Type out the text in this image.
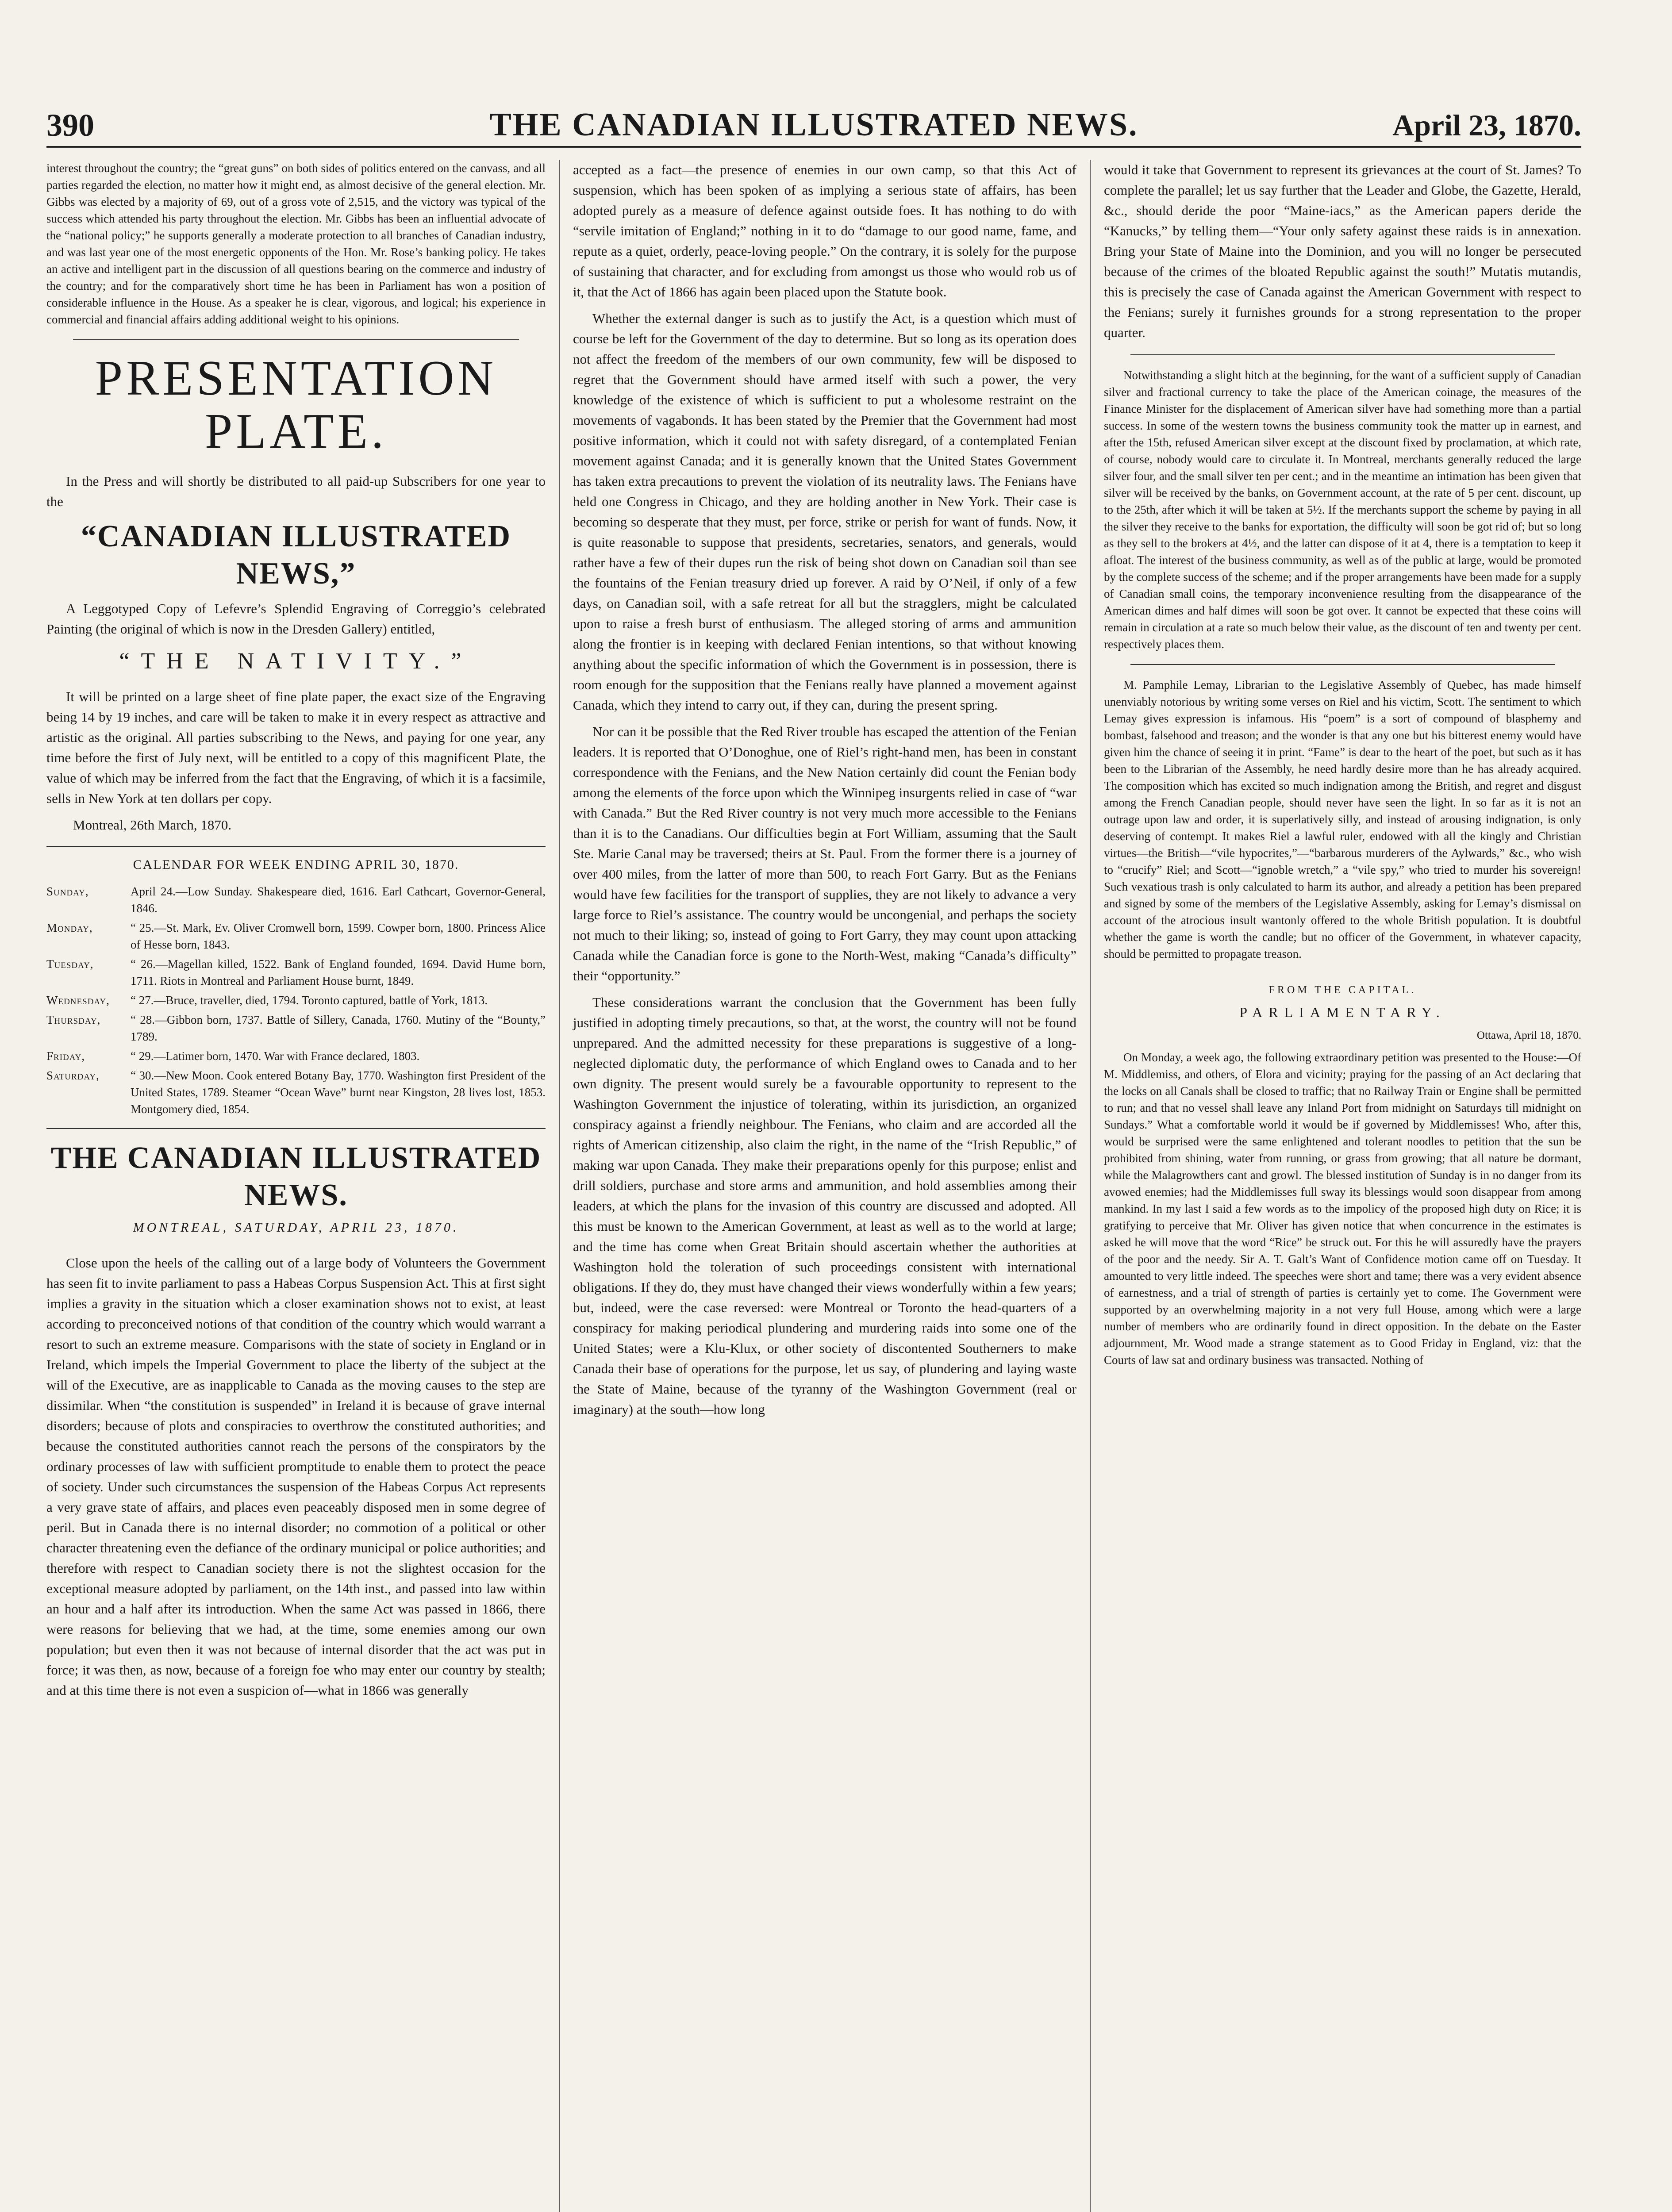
390	THE CANADIAN ILLUSTRATED NEWS.	April 23, 1870.

interest throughout the country; the “great guns” on both sides of politics entered on the canvass, and all parties regarded the election, no matter how it might end, as almost decisive of the general election. Mr. Gibbs was elected by a majority of 69, out of a gross vote of 2,515, and the victory was typical of the success which attended his party throughout the election. Mr. Gibbs has been an influential advocate of the “national policy;” he supports generally a moderate protection to all branches of Canadian industry, and was last year one of the most energetic opponents of the Hon. Mr. Rose’s banking policy. He takes an active and intelligent part in the discussion of all questions bearing on the commerce and industry of the country; and for the comparatively short time he has been in Parliament has won a position of considerable influence in the House. As a speaker he is clear, vigorous, and logical; his experience in commercial and financial affairs adding additional weight to his opinions.

PRESENTATION PLATE.

In the Press and will shortly be distributed to all paid-up Subscribers for one year to the

“CANADIAN ILLUSTRATED NEWS,”

A Leggotyped Copy of Lefevre’s Splendid Engraving of Correggio’s celebrated Painting (the original of which is now in the Dresden Gallery) entitled,

“THE NATIVITY.”

It will be printed on a large sheet of fine plate paper, the exact size of the Engraving being 14 by 19 inches, and care will be taken to make it in every respect as attractive and artistic as the original. All parties subscribing to the News, and paying for one year, any time before the first of July next, will be entitled to a copy of this magnificent Plate, the value of which may be inferred from the fact that the Engraving, of which it is a facsimile, sells in New York at ten dollars per copy.

Montreal, 26th March, 1870.

CALENDAR FOR WEEK ENDING APRIL 30, 1870.
Sunday,	April 24.—Low Sunday. Shakespeare died, 1616. Earl Cathcart, Governor-General, 1846.
Monday,	“ 25.—St. Mark, Ev. Oliver Cromwell born, 1599. Cowper born, 1800. Princess Alice of Hesse born, 1843.
Tuesday,	“ 26.—Magellan killed, 1522. Bank of England founded, 1694. David Hume born, 1711. Riots in Montreal and Parliament House burnt, 1849.
Wednesday,	“ 27.—Bruce, traveller, died, 1794. Toronto captured, battle of York, 1813.
Thursday,	“ 28.—Gibbon born, 1737. Battle of Sillery, Canada, 1760. Mutiny of the “Bounty,” 1789.
Friday,	“ 29.—Latimer born, 1470. War with France declared, 1803.
Saturday,	“ 30.—New Moon. Cook entered Botany Bay, 1770. Washington first President of the United States, 1789. Steamer “Ocean Wave” burnt near Kingston, 28 lives lost, 1853. Montgomery died, 1854.
THE CANADIAN ILLUSTRATED NEWS.
MONTREAL, SATURDAY, APRIL 23, 1870.

Close upon the heels of the calling out of a large body of Volunteers the Government has seen fit to invite parliament to pass a Habeas Corpus Suspension Act. This at first sight implies a gravity in the situation which a closer examination shows not to exist, at least according to preconceived notions of that condition of the country which would warrant a resort to such an extreme measure. Comparisons with the state of society in England or in Ireland, which impels the Imperial Government to place the liberty of the subject at the will of the Executive, are as inapplicable to Canada as the moving causes to the step are dissimilar. When “the constitution is suspended” in Ireland it is because of grave internal disorders; because of plots and conspiracies to overthrow the constituted authorities; and because the constituted authorities cannot reach the persons of the conspirators by the ordinary processes of law with sufficient promptitude to enable them to protect the peace of society. Under such circumstances the suspension of the Habeas Corpus Act represents a very grave state of affairs, and places even peaceably disposed men in some degree of peril. But in Canada there is no internal disorder; no commotion of a political or other character threatening even the defiance of the ordinary municipal or police authorities; and therefore with respect to Canadian society there is not the slightest occasion for the exceptional measure adopted by parliament, on the 14th inst., and passed into law within an hour and a half after its introduction. When the same Act was passed in 1866, there were reasons for believing that we had, at the time, some enemies among our own population; but even then it was not because of internal disorder that the act was put in force; it was then, as now, because of a foreign foe who may enter our country by stealth; and at this time there is not even a suspicion of—what in 1866 was generally

accepted as a fact—the presence of enemies in our own camp, so that this Act of suspension, which has been spoken of as implying a serious state of affairs, has been adopted purely as a measure of defence against outside foes. It has nothing to do with “servile imitation of England;” nothing in it to do “damage to our good name, fame, and repute as a quiet, orderly, peace-loving people.” On the contrary, it is solely for the purpose of sustaining that character, and for excluding from amongst us those who would rob us of it, that the Act of 1866 has again been placed upon the Statute book.

Whether the external danger is such as to justify the Act, is a question which must of course be left for the Government of the day to determine. But so long as its operation does not affect the freedom of the members of our own community, few will be disposed to regret that the Government should have armed itself with such a power, the very knowledge of the existence of which is sufficient to put a wholesome restraint on the movements of vagabonds. It has been stated by the Premier that the Government had most positive information, which it could not with safety disregard, of a contemplated Fenian movement against Canada; and it is generally known that the United States Government has taken extra precautions to prevent the violation of its neutrality laws. The Fenians have held one Congress in Chicago, and they are holding another in New York. Their case is becoming so desperate that they must, per force, strike or perish for want of funds. Now, it is quite reasonable to suppose that presidents, secretaries, senators, and generals, would rather have a few of their dupes run the risk of being shot down on Canadian soil than see the fountains of the Fenian treasury dried up forever. A raid by O’Neil, if only of a few days, on Canadian soil, with a safe retreat for all but the stragglers, might be calculated upon to raise a fresh burst of enthusiasm. The alleged storing of arms and ammunition along the frontier is in keeping with declared Fenian intentions, so that without knowing anything about the specific information of which the Government is in possession, there is room enough for the supposition that the Fenians really have planned a movement against Canada, which they intend to carry out, if they can, during the present spring.

Nor can it be possible that the Red River trouble has escaped the attention of the Fenian leaders. It is reported that O’Donoghue, one of Riel’s right-hand men, has been in constant correspondence with the Fenians, and the New Nation certainly did count the Fenian body among the elements of the force upon which the Winnipeg insurgents relied in case of “war with Canada.” But the Red River country is not very much more accessible to the Fenians than it is to the Canadians. Our difficulties begin at Fort William, assuming that the Sault Ste. Marie Canal may be traversed; theirs at St. Paul. From the former there is a journey of over 400 miles, from the latter of more than 500, to reach Fort Garry. But as the Fenians would have few facilities for the transport of supplies, they are not likely to advance a very large force to Riel’s assistance. The country would be uncongenial, and perhaps the society not much to their liking; so, instead of going to Fort Garry, they may count upon attacking Canada while the Canadian force is gone to the North-West, making “Canada’s difficulty” their “opportunity.”

These considerations warrant the conclusion that the Government has been fully justified in adopting timely precautions, so that, at the worst, the country will not be found unprepared. And the admitted necessity for these preparations is suggestive of a long-neglected diplomatic duty, the performance of which England owes to Canada and to her own dignity. The present would surely be a favourable opportunity to represent to the Washington Government the injustice of tolerating, within its jurisdiction, an organized conspiracy against a friendly neighbour. The Fenians, who claim and are accorded all the rights of American citizenship, also claim the right, in the name of the “Irish Republic,” of making war upon Canada. They make their preparations openly for this purpose; enlist and drill soldiers, purchase and store arms and ammunition, and hold assemblies among their leaders, at which the plans for the invasion of this country are discussed and adopted. All this must be known to the American Government, at least as well as to the world at large; and the time has come when Great Britain should ascertain whether the authorities at Washington hold the toleration of such proceedings consistent with international obligations. If they do, they must have changed their views wonderfully within a few years; but, indeed, were the case reversed: were Montreal or Toronto the head-quarters of a conspiracy for making periodical plundering and murdering raids into some one of the United States; were a Klu-Klux, or other society of discontented Southerners to make Canada their base of operations for the purpose, let us say, of plundering and laying waste the State of Maine, because of the tyranny of the Washington Government (real or imaginary) at the south—how long

would it take that Government to represent its grievances at the court of St. James? To complete the parallel; let us say further that the Leader and Globe, the Gazette, Herald, &c., should deride the poor “Maine-iacs,” as the American papers deride the “Kanucks,” by telling them—“Your only safety against these raids is in annexation. Bring your State of Maine into the Dominion, and you will no longer be persecuted because of the crimes of the bloated Republic against the south!” Mutatis mutandis, this is precisely the case of Canada against the American Government with respect to the Fenians; surely it furnishes grounds for a strong representation to the proper quarter.

Notwithstanding a slight hitch at the beginning, for the want of a sufficient supply of Canadian silver and fractional currency to take the place of the American coinage, the measures of the Finance Minister for the displacement of American silver have had something more than a partial success. In some of the western towns the business community took the matter up in earnest, and after the 15th, refused American silver except at the discount fixed by proclamation, at which rate, of course, nobody would care to circulate it. In Montreal, merchants generally reduced the large silver four, and the small silver ten per cent.; and in the meantime an intimation has been given that silver will be received by the banks, on Government account, at the rate of 5 per cent. discount, up to the 25th, after which it will be taken at 5½. If the merchants support the scheme by paying in all the silver they receive to the banks for exportation, the difficulty will soon be got rid of; but so long as they sell to the brokers at 4½, and the latter can dispose of it at 4, there is a temptation to keep it afloat. The interest of the business community, as well as of the public at large, would be promoted by the complete success of the scheme; and if the proper arrangements have been made for a supply of Canadian small coins, the temporary inconvenience resulting from the disappearance of the American dimes and half dimes will soon be got over. It cannot be expected that these coins will remain in circulation at a rate so much below their value, as the discount of ten and twenty per cent. respectively places them.

M. Pamphile Lemay, Librarian to the Legislative Assembly of Quebec, has made himself unenviably notorious by writing some verses on Riel and his victim, Scott. The sentiment to which Lemay gives expression is infamous. His “poem” is a sort of compound of blasphemy and bombast, falsehood and treason; and the wonder is that any one but his bitterest enemy would have given him the chance of seeing it in print. “Fame” is dear to the heart of the poet, but such as it has been to the Librarian of the Assembly, he need hardly desire more than he has already acquired. The composition which has excited so much indignation among the British, and regret and disgust among the French Canadian people, should never have seen the light. In so far as it is not an outrage upon law and order, it is superlatively silly, and instead of arousing indignation, is only deserving of contempt. It makes Riel a lawful ruler, endowed with all the kingly and Christian virtues—the British—“vile hypocrites,”—“barbarous murderers of the Aylwards,” &c., who wish to “crucify” Riel; and Scott—“ignoble wretch,” a “vile spy,” who tried to murder his sovereign! Such vexatious trash is only calculated to harm its author, and already a petition has been prepared and signed by some of the members of the Legislative Assembly, asking for Lemay’s dismissal on account of the atrocious insult wantonly offered to the whole British population. It is doubtful whether the game is worth the candle; but no officer of the Government, in whatever capacity, should be permitted to propagate treason.

FROM THE CAPITAL.
PARLIAMENTARY.
Ottawa, April 18, 1870.

On Monday, a week ago, the following extraordinary petition was presented to the House:—Of M. Middlemiss, and others, of Elora and vicinity; praying for the passing of an Act declaring that the locks on all Canals shall be closed to traffic; that no Railway Train or Engine shall be permitted to run; and that no vessel shall leave any Inland Port from midnight on Saturdays till midnight on Sundays.” What a comfortable world it would be if governed by Middlemisses! Who, after this, would be surprised were the same enlightened and tolerant noodles to petition that the sun be prohibited from shining, water from running, or grass from growing; that all nature be dormant, while the Malagrowthers cant and growl. The blessed institution of Sunday is in no danger from its avowed enemies; had the Middlemisses full sway its blessings would soon disappear from among mankind. In my last I said a few words as to the impolicy of the proposed high duty on Rice; it is gratifying to perceive that Mr. Oliver has given notice that when concurrence in the estimates is asked he will move that the word “Rice” be struck out. For this he will assuredly have the prayers of the poor and the needy. Sir A. T. Galt’s Want of Confidence motion came off on Tuesday. It amounted to very little indeed. The speeches were short and tame; there was a very evident absence of earnestness, and a trial of strength of parties is certainly yet to come. The Government were supported by an overwhelming majority in a not very full House, among which were a large number of members who are ordinarily found in direct opposition. In the debate on the Easter adjournment, Mr. Wood made a strange statement as to Good Friday in England, viz: that the Courts of law sat and ordinary business was transacted. Nothing of
